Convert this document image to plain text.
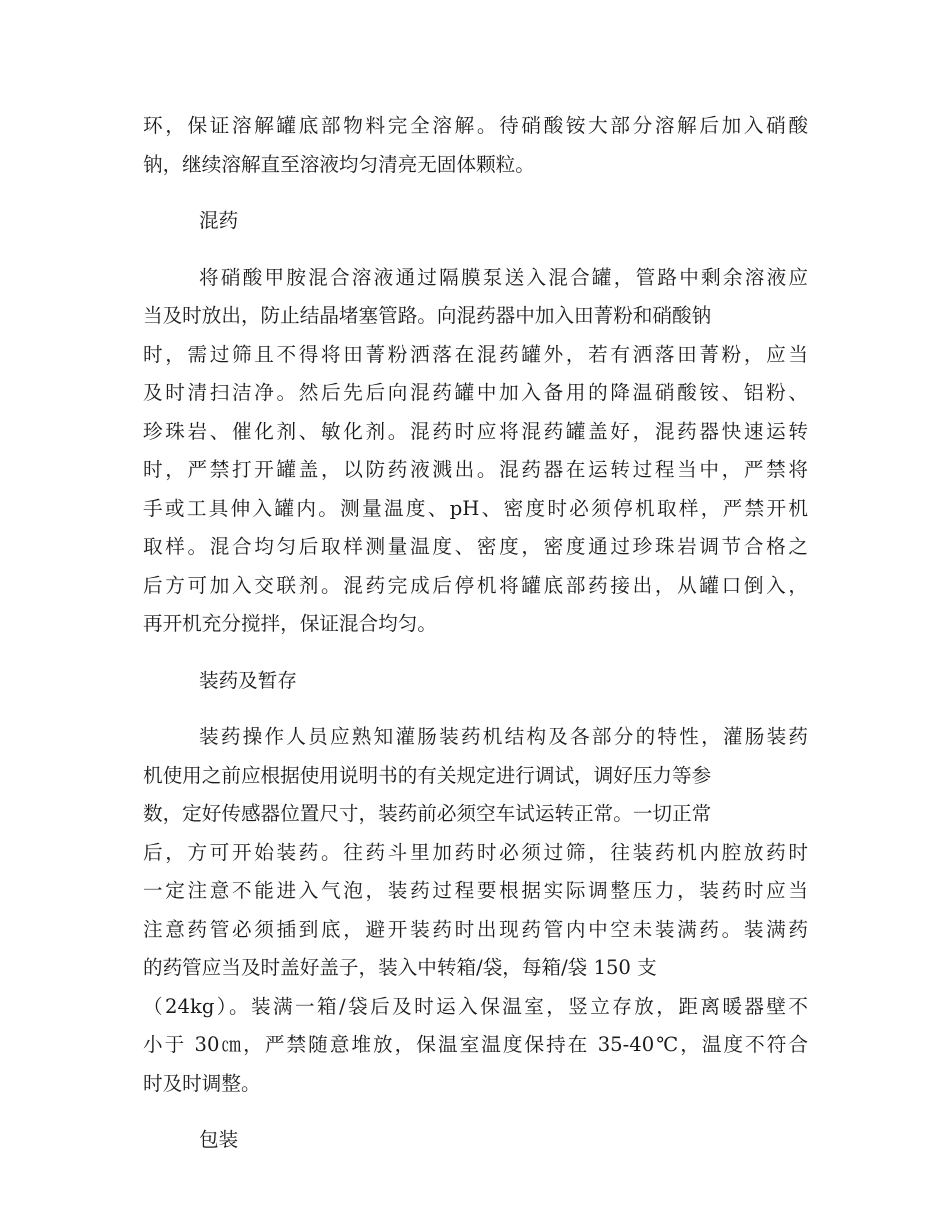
环，保证溶解罐底部物料完全溶解。待硝酸铵大部分溶解后加入硝酸
钠，继续溶解直至溶液均匀清亮无固体颗粒。
混药
将硝酸甲胺混合溶液通过隔膜泵送入混合罐，管路中剩余溶液应
当及时放出，防止结晶堵塞管路。向混药器中加入田菁粉和硝酸钠
时，需过筛且不得将田菁粉洒落在混药罐外，若有洒落田菁粉，应当
及时清扫洁净。然后先后向混药罐中加入备用的降温硝酸铵、铝粉、
珍珠岩、催化剂、敏化剂。混药时应将混药罐盖好，混药器快速运转
时，严禁打开罐盖，以防药液溅出。混药器在运转过程当中，严禁将
手或工具伸入罐内。测量温度、pH、密度时必须停机取样，严禁开机
取样。混合均匀后取样测量温度、密度，密度通过珍珠岩调节合格之
后方可加入交联剂。混药完成后停机将罐底部药接出，从罐口倒入，
再开机充分搅拌，保证混合均匀。
装药及暂存
装药操作人员应熟知灌肠装药机结构及各部分的特性，灌肠装药
机使用之前应根据使用说明书的有关规定进行调试，调好压力等参
数，定好传感器位置尺寸，装药前必须空车试运转正常。一切正常
后，方可开始装药。往药斗里加药时必须过筛，往装药机内腔放药时
一定注意不能进入气泡，装药过程要根据实际调整压力，装药时应当
注意药管必须插到底，避开装药时出现药管内中空未装满药。装满药
的药管应当及时盖好盖子，装入中转箱/袋，每箱/袋 150 支
（24kg）。装满一箱/袋后及时运入保温室，竖立存放，距离暖器壁不
小于 30㎝，严禁随意堆放，保温室温度保持在 35-40℃，温度不符合
时及时调整。
包装
